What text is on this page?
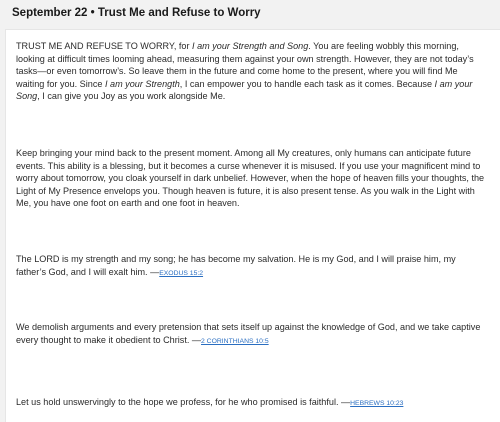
September 22 • Trust Me and Refuse to Worry

TRUST ME AND REFUSE TO WORRY, for I am your Strength and Song. You are feeling wobbly this morning, looking at difficult times looming ahead, measuring them against your own strength. However, they are not today’s tasks—or even tomorrow’s. So leave them in the future and come home to the present, where you will find Me waiting for you. Since I am your Strength, I can empower you to handle each task as it comes. Because I am your Song, I can give you Joy as you work alongside Me.

Keep bringing your mind back to the present moment. Among all My creatures, only humans can anticipate future events. This ability is a blessing, but it becomes a curse whenever it is misused. If you use your magnificent mind to worry about tomorrow, you cloak yourself in dark unbelief. However, when the hope of heaven fills your thoughts, the Light of My Presence envelops you. Though heaven is future, it is also present tense. As you walk in the Light with Me, you have one foot on earth and one foot in heaven.

The LORD is my strength and my song; he has become my salvation. He is my God, and I will praise him, my father’s God, and I will exalt him. —EXODUS 15:2

We demolish arguments and every pretension that sets itself up against the knowledge of God, and we take captive every thought to make it obedient to Christ. —2 CORINTHIANS 10:5

Let us hold unswervingly to the hope we profess, for he who promised is faithful. —HEBREWS 10:23
